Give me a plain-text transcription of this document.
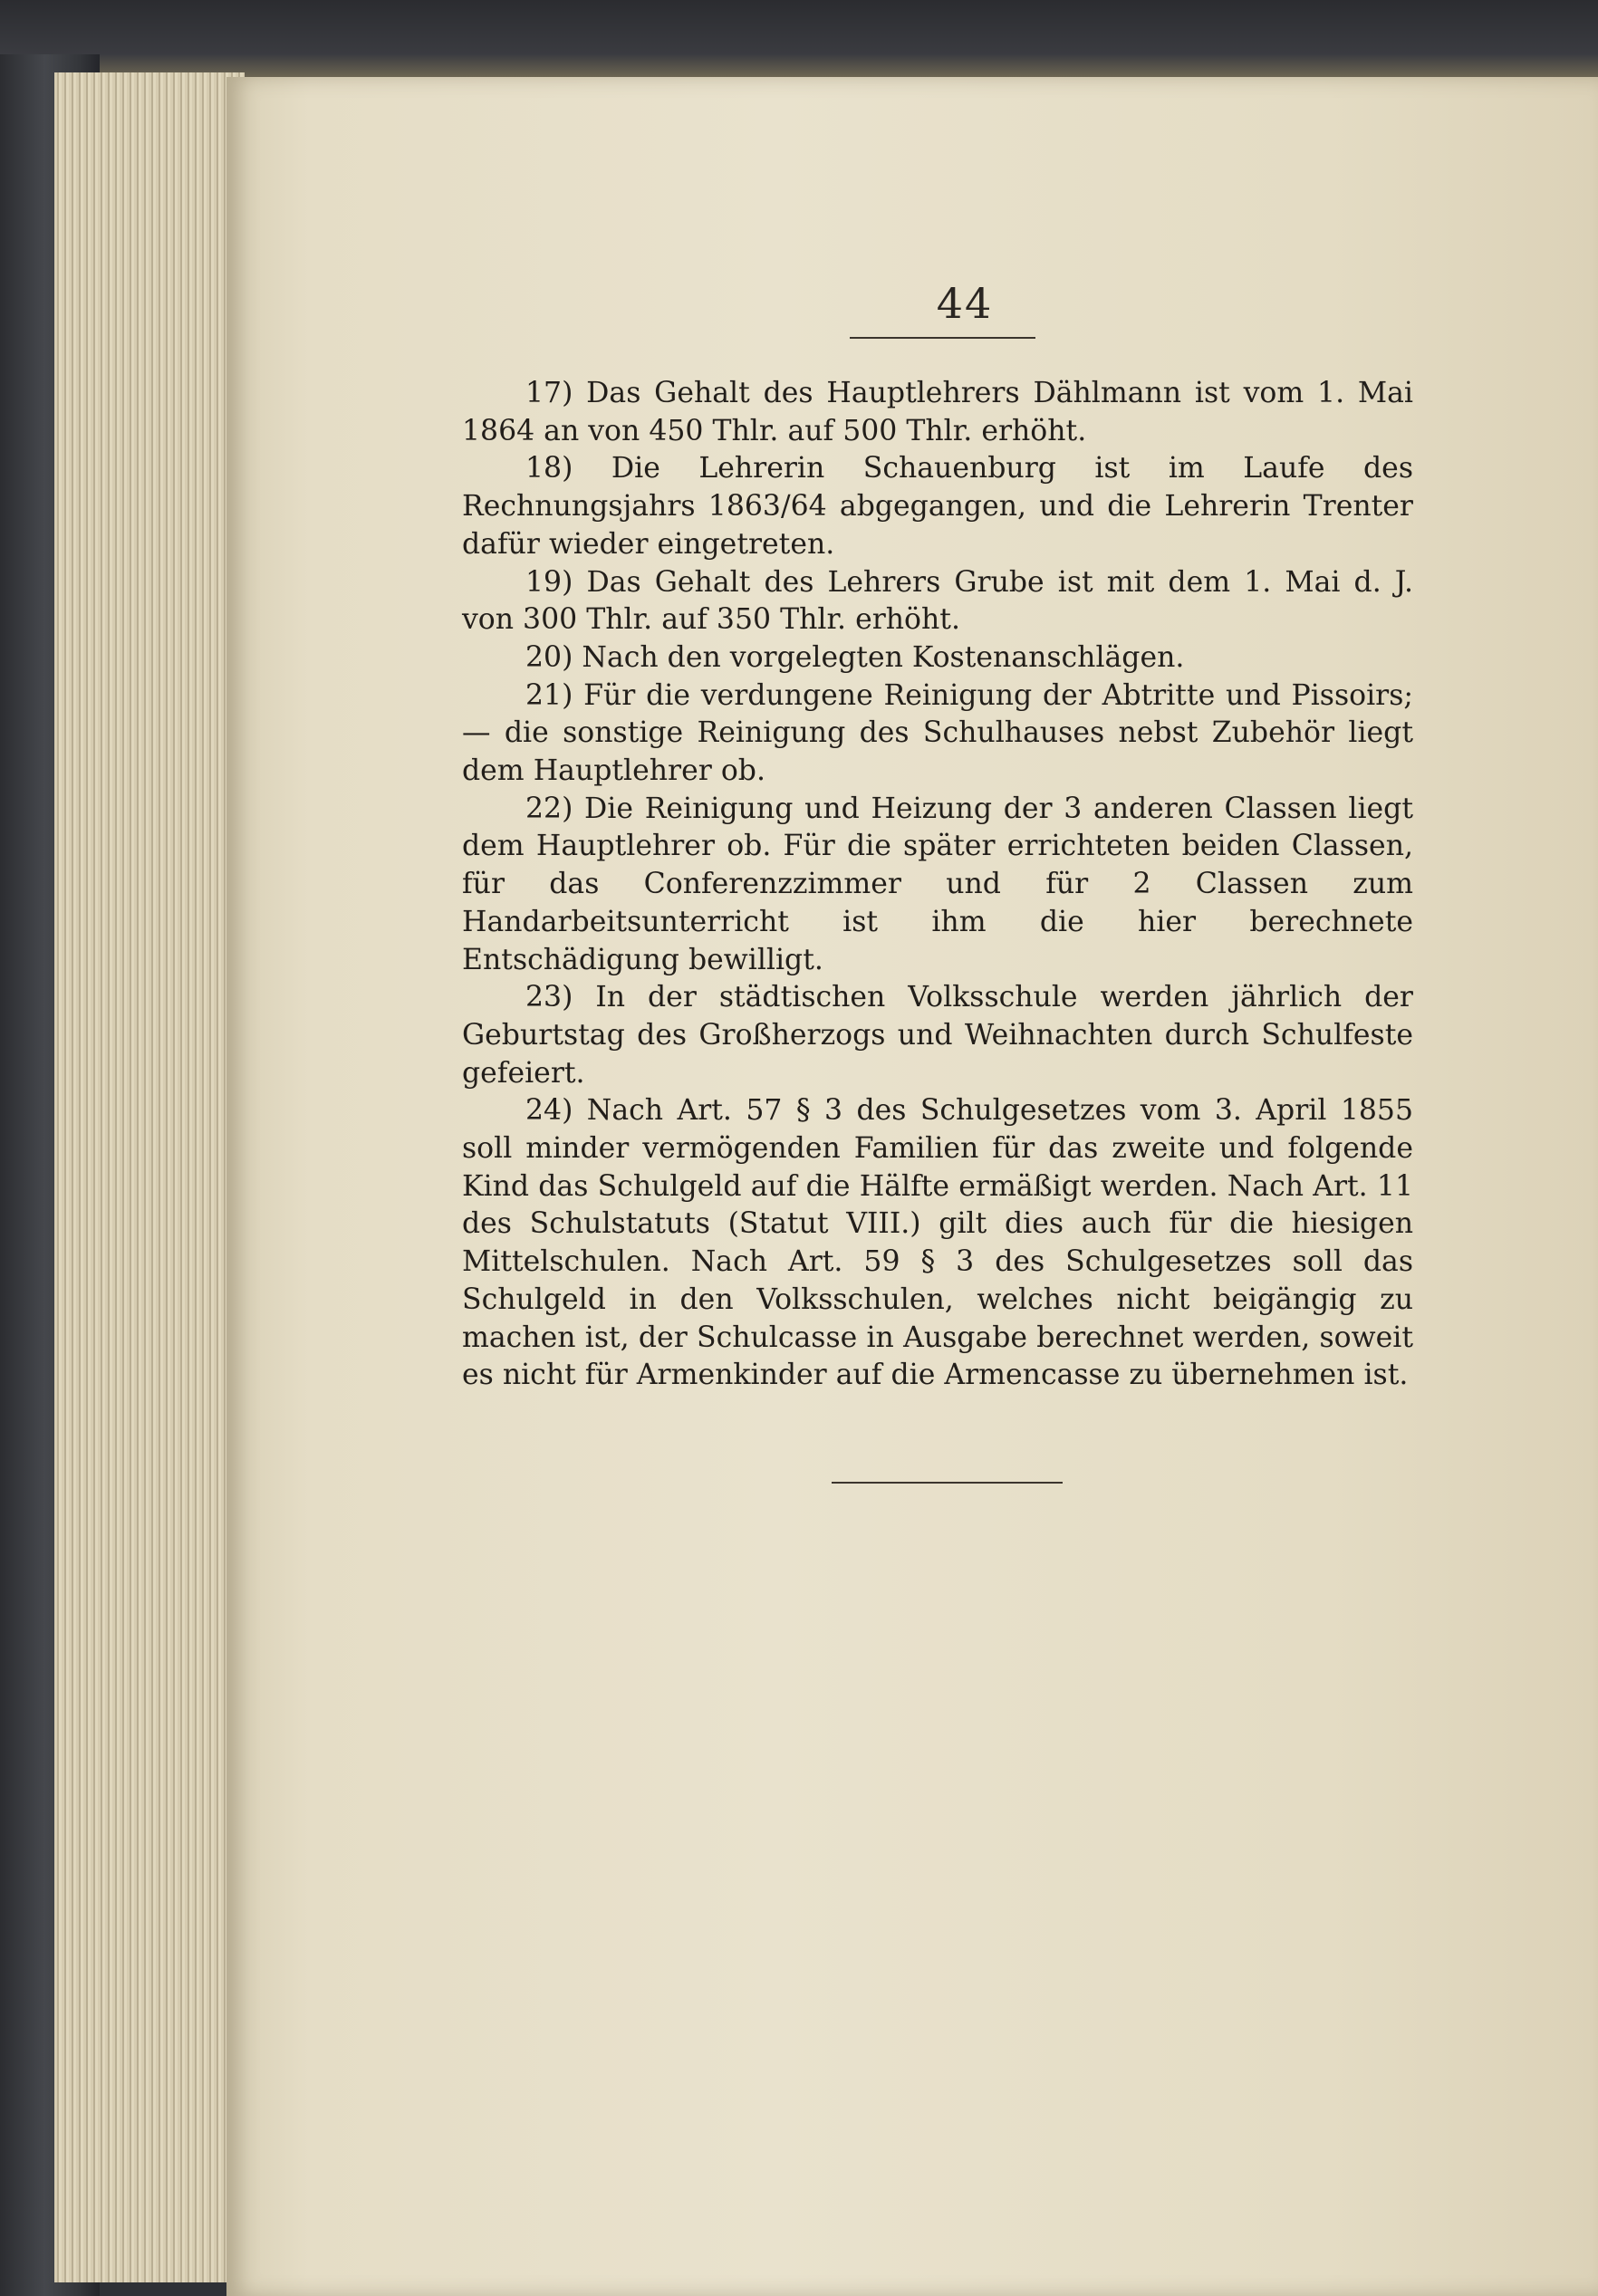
44

17) Das Gehalt des Hauptlehrers Dählmann ist vom 1. Mai 1864 an von 450 Thlr. auf 500 Thlr. erhöht.

18) Die Lehrerin Schauenburg ist im Laufe des Rechnungsjahrs 1863/64 abgegangen, und die Lehrerin Trenter dafür wieder eingetreten.

19) Das Gehalt des Lehrers Grube ist mit dem 1. Mai d. J. von 300 Thlr. auf 350 Thlr. erhöht.

20) Nach den vorgelegten Kostenanschlägen.

21) Für die verdungene Reinigung der Abtritte und Pissoirs; — die sonstige Reinigung des Schulhauses nebst Zubehör liegt dem Hauptlehrer ob.

22) Die Reinigung und Heizung der 3 anderen Classen liegt dem Hauptlehrer ob. Für die später errichteten beiden Classen, für das Conferenzzimmer und für 2 Classen zum Handarbeitsunterricht ist ihm die hier berechnete Entschädigung bewilligt.

23) In der städtischen Volksschule werden jährlich der Geburtstag des Großherzogs und Weihnachten durch Schulfeste gefeiert.

24) Nach Art. 57 § 3 des Schulgesetzes vom 3. April 1855 soll minder vermögenden Familien für das zweite und folgende Kind das Schulgeld auf die Hälfte ermäßigt werden. Nach Art. 11 des Schulstatuts (Statut VIII.) gilt dies auch für die hiesigen Mittelschulen. Nach Art. 59 § 3 des Schulgesetzes soll das Schulgeld in den Volksschulen, welches nicht beigängig zu machen ist, der Schulcasse in Ausgabe berechnet werden, soweit es nicht für Armenkinder auf die Armencasse zu übernehmen ist.
